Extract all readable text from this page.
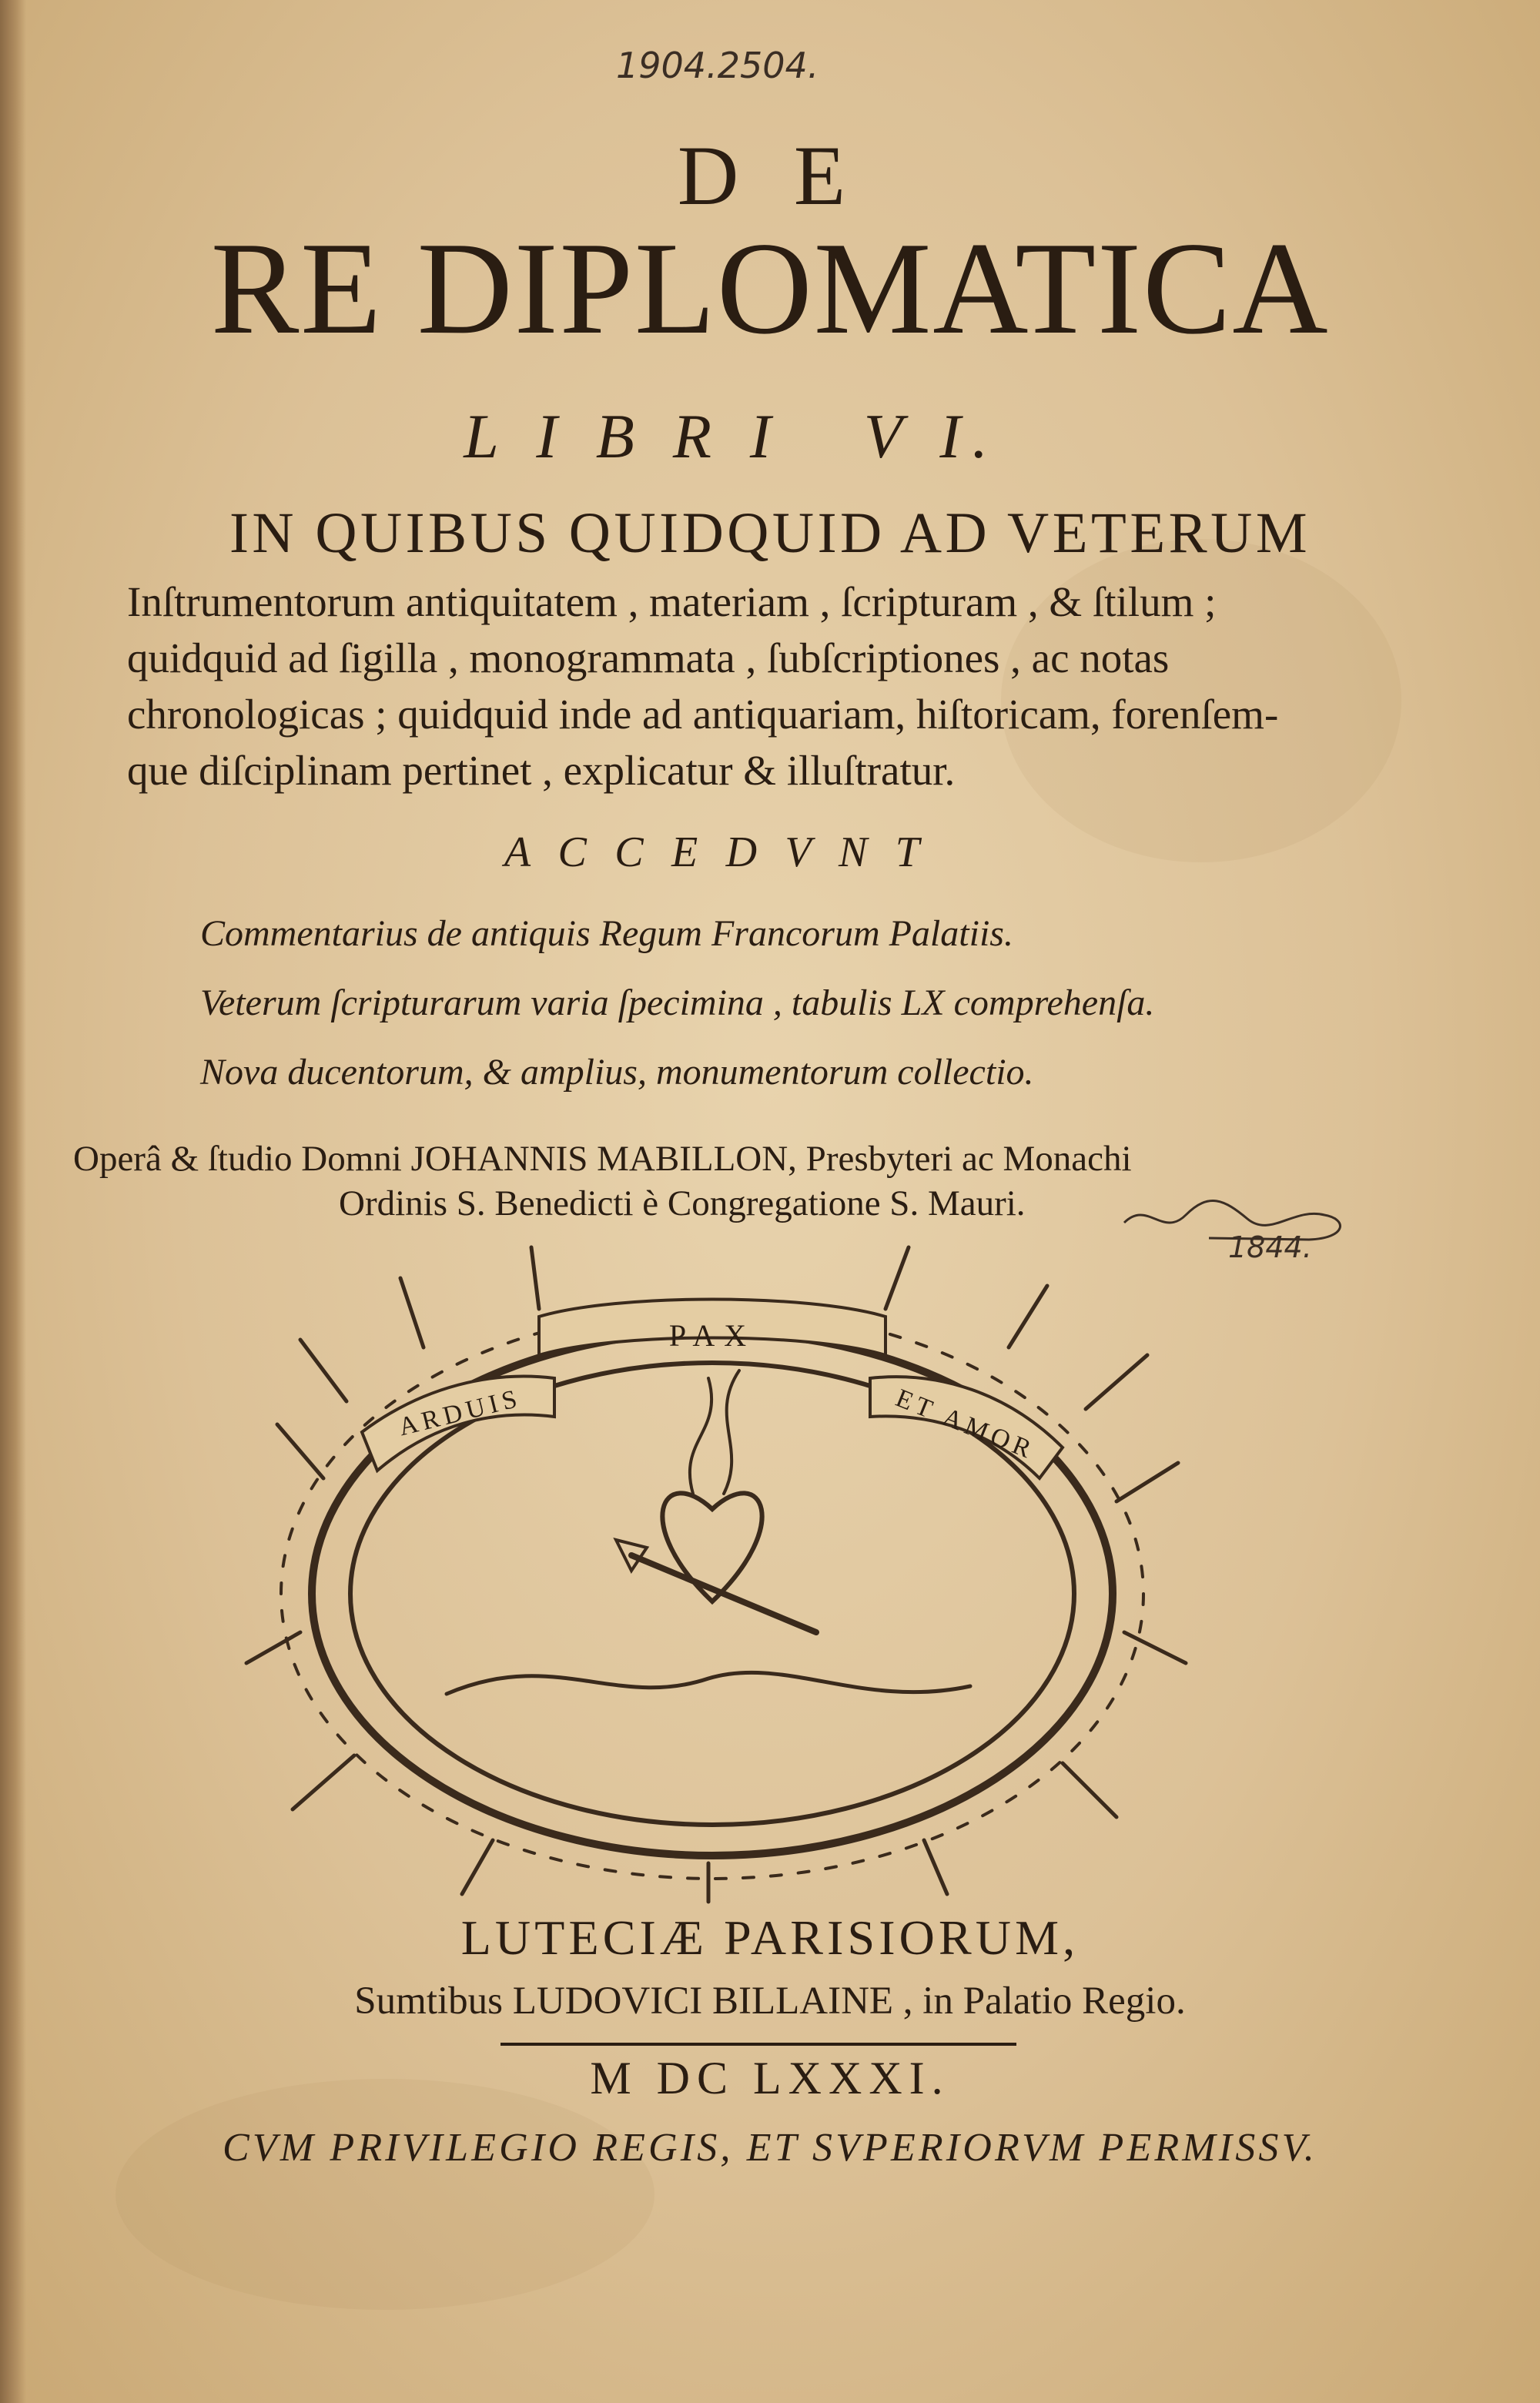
1904.2504.
D E
RE DIPLOMATICA
L I B R I   V I.
IN QUIBUS QUIDQUID AD VETERUM
Inſtrumentorum antiquitatem , materiam , ſcripturam , & ſtilum ;
quidquid ad ſigilla , monogrammata , ſubſcriptiones , ac notas
chronologicas ; quidquid inde ad antiquariam, hiſtoricam, forenſem-
que diſciplinam pertinet , explicatur & illuſtratur.
A C C E D V N T
Commentarius de antiquis Regum Francorum Palatiis.
Veterum ſcripturarum varia ſpecimina , tabulis LX comprehenſa.
Nova ducentorum, & amplius, monumentorum collectio.
Operâ & ſtudio Domni JOHANNIS MABILLON, Presbyteri ac Monachi
Ordinis S. Benedicti è Congregatione S. Mauri.
1844.
PAX
ARDUIS	ET AMOR
LUTECIÆ PARISIORUM,
Sumtibus LUDOVICI BILLAINE , in Palatio Regio.
M DC LXXXI.
CVM PRIVILEGIO REGIS, ET SVPERIORVM PERMISSV.
